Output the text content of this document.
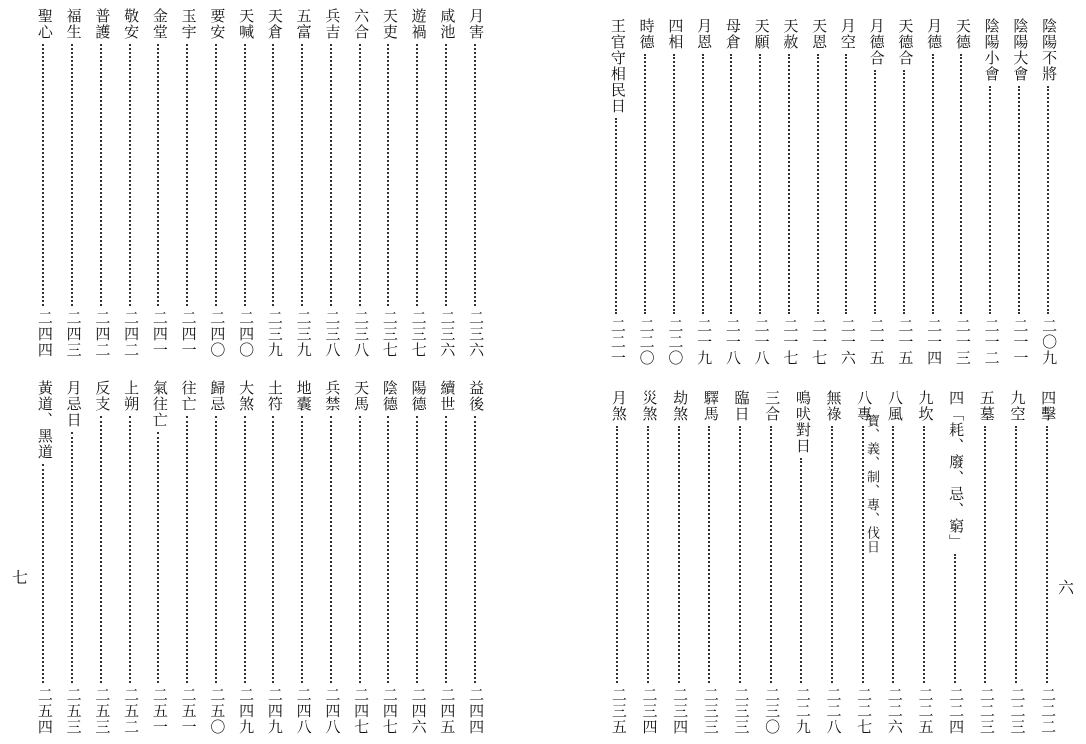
月害
二三六
咸池
二三六
遊禍
二三七
天吏
二三七
六合
二三八
兵吉
二三八
五富
二三九
天倉
二三九
天喊
二四〇
要安
二四〇
玉宇
二四一
金堂
二四一
敬安
二四二
普護
二四二
福生
二四三
聖心
二四四
益後
二四四
續世
二四五
陽德
二四六
陰德
二四七
天馬
二四七
兵禁
二四八
地囊
二四八
土符
二四九
大煞
二四九
歸忌
二五〇
往亡
二五一
氣往亡
二五一
上朔
二五二
反支
二五三
月忌日
二五三
黃道、黑道
二五四
七
陰陽不將
二〇九
陰陽大會
二一一
陰陽小會
二一二
天德
二一三
月德
二一四
天德合
二一五
月德合
二一五
月空
二一六
天恩
二一七
天赦
二一七
天願
二一八
母倉
二一八
月恩
二一九
四相
二二〇
時德
二二〇
王官守相民日
二二一
四擊
二二二
九空
二二三
五墓
二二三
四「耗、廢、忌、窮」
二二四
九坎
二二五
八風
二二六
八專
二二七
無祿
二二八
鳴吠對日
二二九
三合
二三〇
臨日
二三三
驛馬
二三三
劫煞
二三四
災煞
二三四
月煞
二三五
寶、義、制、專、伐日
六
